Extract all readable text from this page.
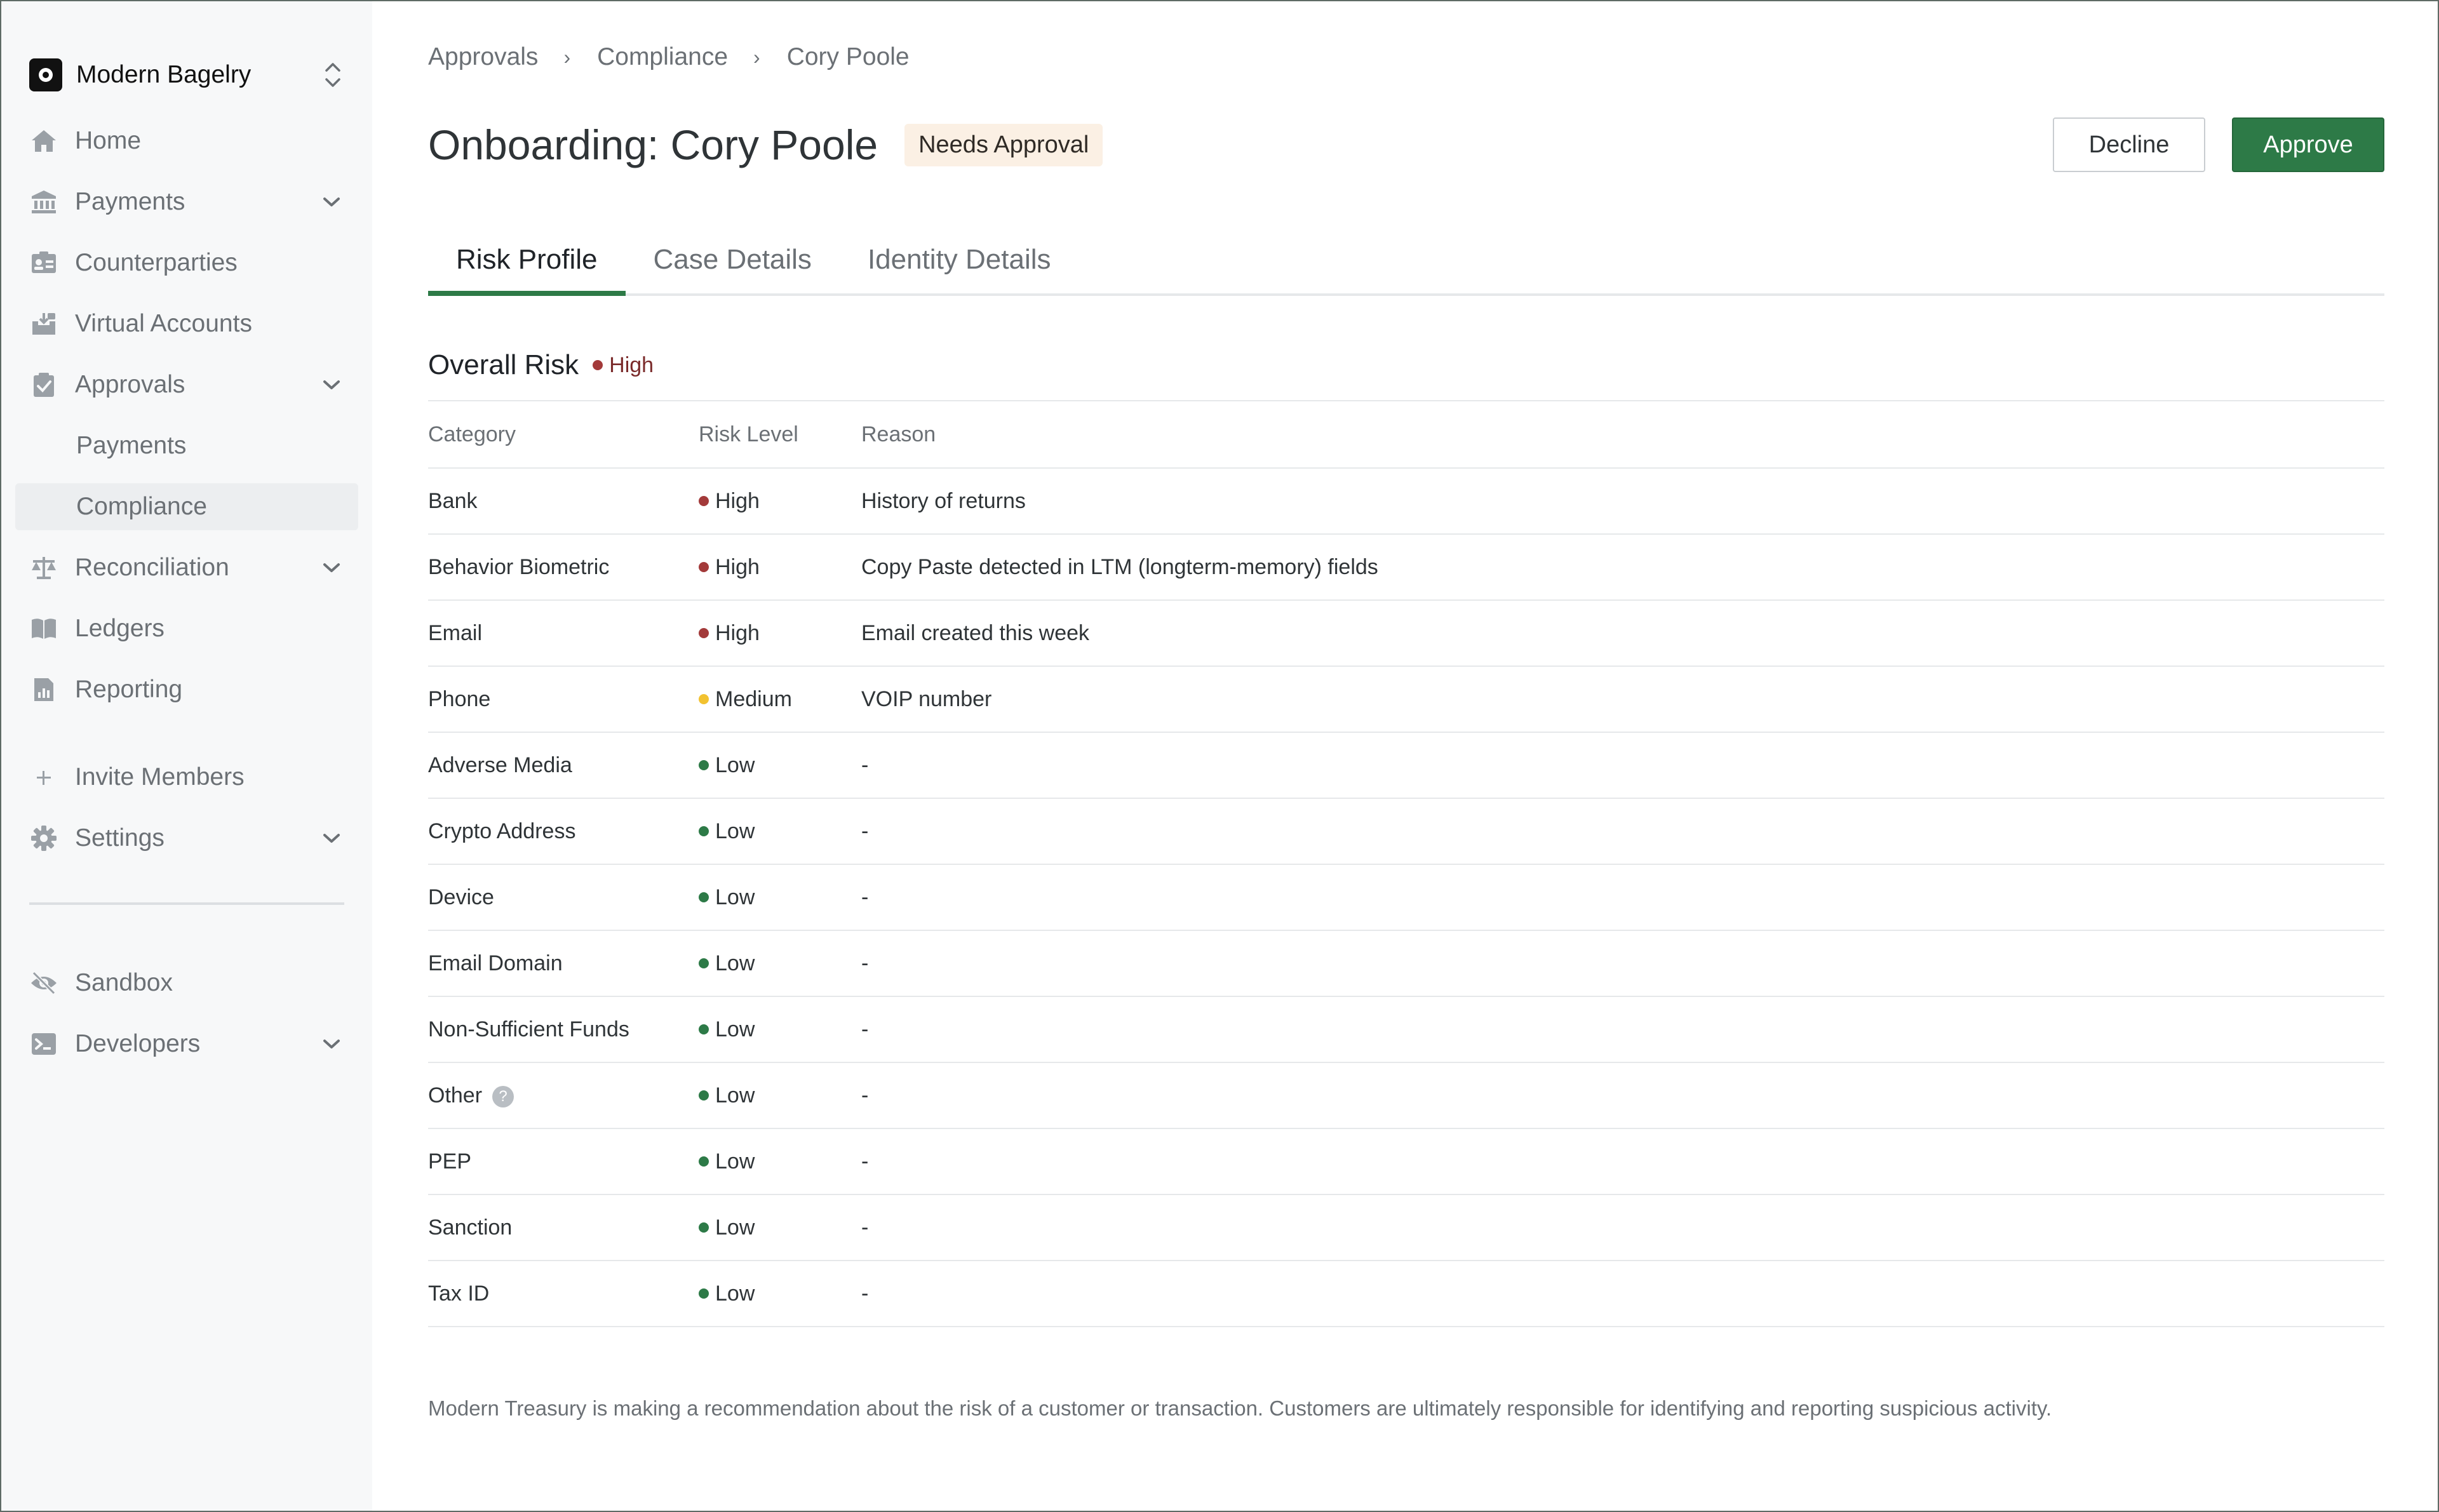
Modern Bagelry
Home
Payments
Counterparties
Virtual Accounts
Approvals
Payments
Compliance
Reconciliation
Ledgers
Reporting
Invite Members
Settings
Sandbox
Developers
Approvals › Compliance › Cory Poole
Onboarding: Cory Poole	Needs Approval	Decline	Approve
Risk Profile	Case Details	Identity Details
Overall Risk High
Category	Risk Level	Reason
Bank	High	History of returns
Behavior Biometric	High	Copy Paste detected in LTM (longterm-memory) fields
Email	High	Email created this week
Phone	Medium	VOIP number
Adverse Media	Low	-
Crypto Address	Low	-
Device	Low	-
Email Domain	Low	-
Non-Sufficient Funds	Low	-
Other ?	Low	-
PEP	Low	-
Sanction	Low	-
Tax ID	Low	-

Modern Treasury is making a recommendation about the risk of a customer or transaction. Customers are ultimately responsible for identifying and reporting suspicious activity.
